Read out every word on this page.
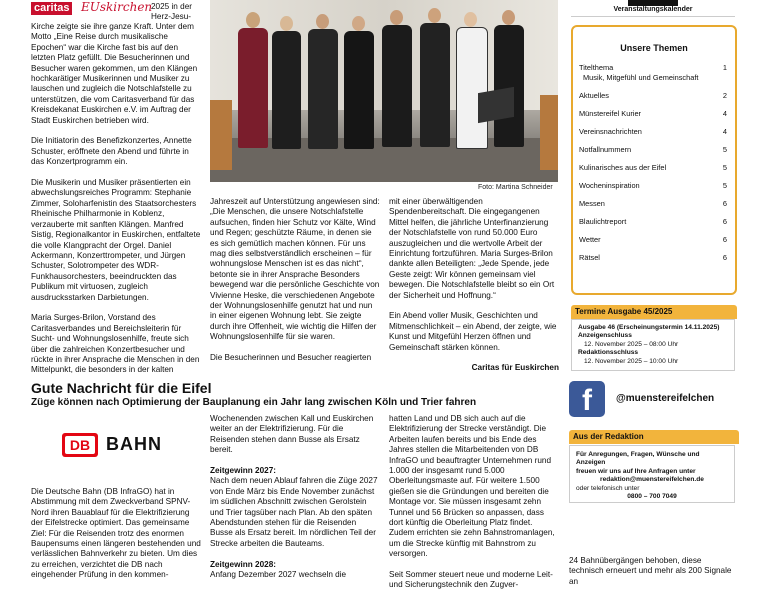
caritas EUskirchen
2025 in der Herz-Jesu-

Kirche zeigte sie ihre ganze Kraft. Unter dem Motto „Eine Reise durch musikalische Epochen“ war die Kirche fast bis auf den letzten Platz gefüllt. Die Besucherinnen und Besucher waren gekommen, um den Klängen hochkarätiger Musikerinnen und Musiker zu lauschen und zugleich die Notschlafstelle zu unterstützen, die vom Caritasverband für das Kreisdekanat Euskirchen e.V. im Auftrag der Stadt Euskirchen betrieben wird.

Die Initiatorin des Benefizkonzertes, Annette Schuster, eröffnete den Abend und führte in das Konzertprogramm ein.

Die Musikerin und Musiker präsentierten ein abwechslungsreiches Programm: Stephanie Zimmer, Soloharfenistin des Staatsorchesters Rheinische Philharmonie in Koblenz, verzauberte mit sanften Klängen. Manfred Sistig, Regionalkantor in Euskirchen, entfaltete die volle Klangpracht der Orgel. Daniel Ackermann, Konzerttrompeter, und Jürgen Schuster, Solotrompeter des WDR-Funkhausorchesters, beeindruckten das Publikum mit virtuosen, zugleich ausdrucksstarken Darbietungen.

Maria Surges-Brilon, Vorstand des Caritasverbandes und Bereichsleiterin für Sucht- und Wohnungslosenhilfe, freute sich über die zahlreichen Konzertbesucher und rückte in ihrer Ansprache die Menschen in den Mittelpunkt, die besonders in der kalten

Foto: Martina Schneider

Jahreszeit auf Unterstützung angewiesen sind: „Die Menschen, die unsere Notschlafstelle aufsuchen, finden hier Schutz vor Kälte, Wind und Regen; geschützte Räume, in denen sie es sich gemütlich machen können. Für uns mag dies selbstverständlich erscheinen – für wohnungslose Menschen ist es das nicht“, betonte sie in ihrer Ansprache Besonders bewegend war die persönliche Geschichte von Vivienne Heske, die verschiedenen Angebote der Wohnungslosenhilfe genutzt hat und nun in einer eigenen Wohnung lebt. Sie zeigte durch ihre Offenheit, wie wichtig die Hilfen der Wohnungslosenhilfe für sie waren.

Die Besucherinnen und Besucher reagierten

mit einer überwältigenden Spendenbereitschaft. Die eingegangenen Mittel helfen, die jährliche Unterfinanzierung der Notschlafstelle von rund 50.000 Euro auszugleichen und die wertvolle Arbeit der Einrichtung fortzuführen. Maria Surges-Brilon dankte allen Beteiligten: „Jede Spende, jede Geste zeigt: Wir können gemeinsam viel bewegen. Die Notschlafstelle bleibt so ein Ort der Sicherheit und Hoffnung.“

Ein Abend voller Musik, Geschichten und Mitmenschlichkeit – ein Abend, der zeigte, wie Kunst und Mitgefühl Herzen öffnen und Gemeinschaft stärken können.

Caritas für Euskirchen
Veranstaltungskalender
Unsere Themen
Titelthema	1
Musik, Mitgefühl und Gemeinschaft
Aktuelles	2
Münstereifel Kurier	4
Vereinsnachrichten	4
Notfallnummern	5
Kulinarisches aus der Eifel	5
Wocheninspiration	5
Messen	6
Blaulichtreport	6
Wetter	6
Rätsel	6
Termine Ausgabe 45/2025
Ausgabe 46 (Erscheinungstermin 14.11.2025)
Anzeigenschluss
12. November 2025 – 08:00 Uhr
Redaktionsschluss
12. November 2025 – 10:00 Uhr
f	@muenstereifelchen
Aus der Redaktion
Für Anregungen, Fragen, Wünsche und Anzeigen
freuen wir uns auf Ihre Anfragen unter
redaktion@muenstereifelchen.de
oder telefonisch unter
0800 – 700 7049
24 Bahnübergängen behoben, diese technisch erneuert und mehr als 200 Signale an
Gute Nachricht für die Eifel
Züge können nach Optimierung der Bauplanung ein Jahr lang zwischen Köln und Trier fahren
DB BAHN

Die Deutsche Bahn (DB InfraGO) hat in Abstimmung mit dem Zweckverband SPNV-Nord ihren Bauablauf für die Elektrifizierung der Eifelstrecke optimiert. Das gemeinsame Ziel: Für die Reisenden trotz des enormen Baupensums einen längeren bestehenden und verlässlichen Bahnverkehr zu bieten. Um dies zu erreichen, verzichtet die DB nach eingehender Prüfung in den kommen-

Wochenenden zwischen Kall und Euskirchen weiter an der Elektrifizierung. Für die Reisenden stehen dann Busse als Ersatz bereit.

Zeitgewinn 2027:

Nach dem neuen Ablauf fahren die Züge 2027 von Ende März bis Ende November zunächst im südlichen Abschnitt zwischen Gerolstein und Trier tagsüber nach Plan. Ab den späten Abendstunden stehen für die Reisenden Busse als Ersatz bereit. Im nördlichen Teil der Strecke arbeiten die Bauteams.

Zeitgewinn 2028:

Anfang Dezember 2027 wechseln die

hatten Land und DB sich auch auf die Elektrifizierung der Strecke verständigt. Die Arbeiten laufen bereits und bis Ende des Jahres stellen die Mitarbeitenden von DB InfraGO und beauftragter Unternehmen rund 1.000 der insgesamt rund 5.000 Oberleitungsmaste auf. Für weitere 1.500 gießen sie die Gründungen und bereiten die Montage vor. Sie müssen insgesamt zehn Tunnel und 56 Brücken so anpassen, dass dort künftig die Oberleitung Platz findet. Zudem errichten sie zehn Bahnstromanlagen, um die Strecke künftig mit Bahnstrom zu versorgen.

Seit Sommer steuert neue und moderne Leit- und Sicherungstechnik den Zugver-
